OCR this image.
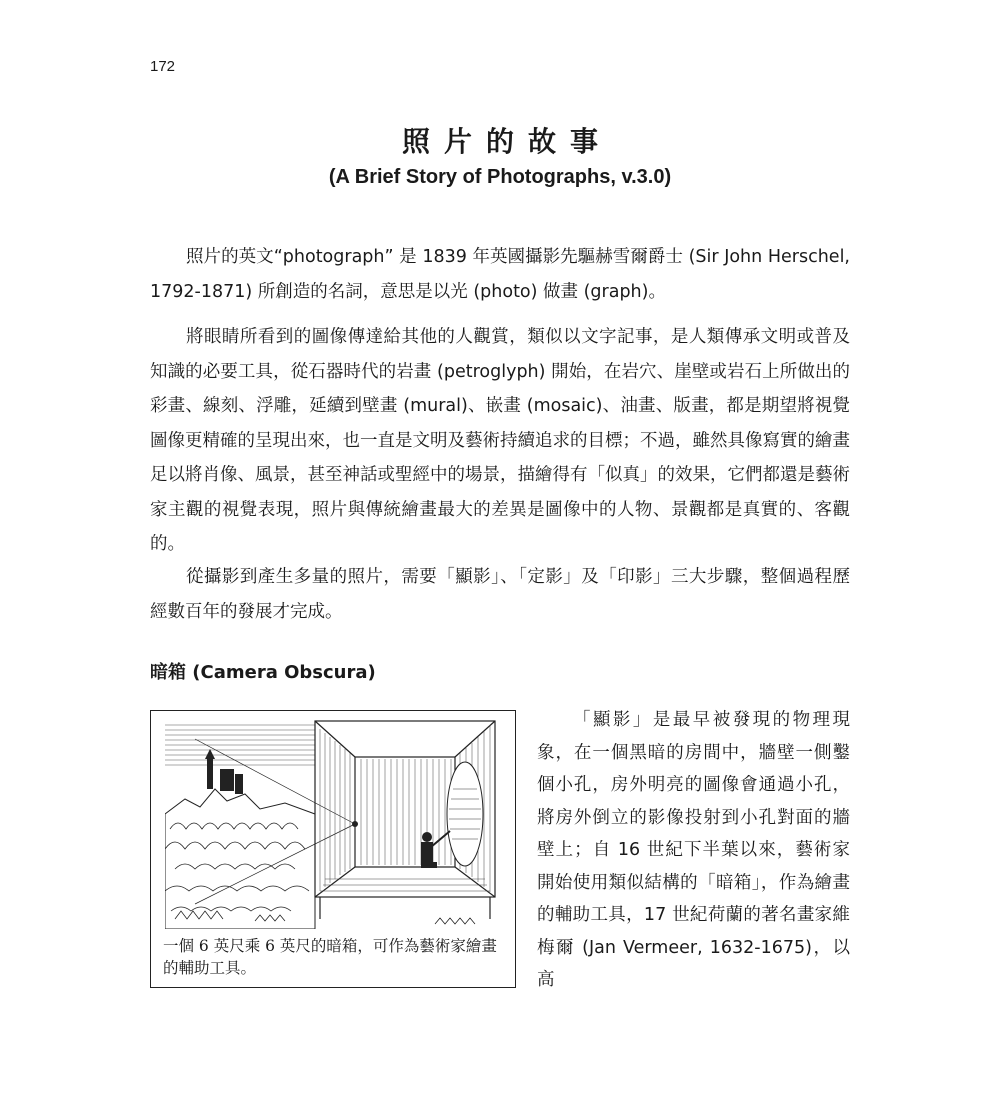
172
照片的故事
(A Brief Story of Photographs, v.3.0)

照片的英文“photograph” 是 1839 年英國攝影先驅赫雪爾爵士 (Sir John Herschel, 1792-1871) 所創造的名詞，意思是以光 (photo) 做畫 (graph)。

將眼睛所看到的圖像傳達給其他的人觀賞，類似以文字記事，是人類傳承文明或普及知識的必要工具，從石器時代的岩畫 (petroglyph) 開始，在岩穴、崖壁或岩石上所做出的彩畫、線刻、浮雕，延續到壁畫 (mural)、嵌畫 (mosaic)、油畫、版畫，都是期望將視覺圖像更精確的呈現出來，也一直是文明及藝術持續追求的目標；不過，雖然具像寫實的繪畫足以將肖像、風景，甚至神話或聖經中的場景，描繪得有「似真」的效果，它們都還是藝術家主觀的視覺表現，照片與傳統繪畫最大的差異是圖像中的人物、景觀都是真實的、客觀的。

從攝影到產生多量的照片，需要「顯影」、「定影」及「印影」三大步驟，整個過程歷經數百年的發展才完成。

暗箱 (Camera Obscura)

一個 6 英尺乘 6 英尺的暗箱，可作為藝術家繪畫的輔助工具。

「顯影」是最早被發現的物理現象，在一個黑暗的房間中，牆壁一側鑿個小孔，房外明亮的圖像會通過小孔，將房外倒立的影像投射到小孔對面的牆壁上；自 16 世紀下半葉以來，藝術家開始使用類似結構的「暗箱」，作為繪畫的輔助工具，17 世紀荷蘭的著名畫家維梅爾 (Jan Vermeer, 1632-1675)，以高
